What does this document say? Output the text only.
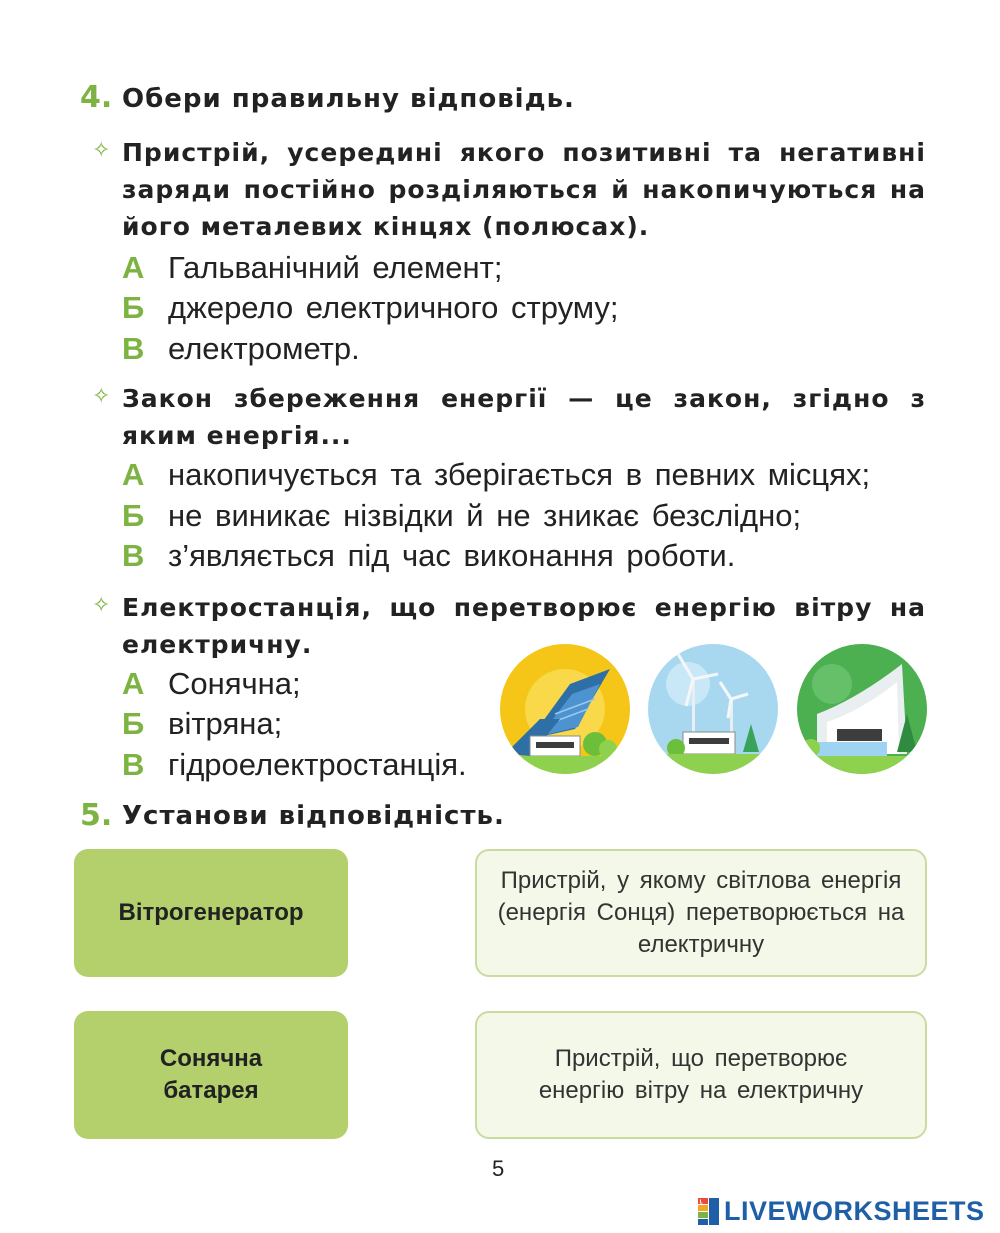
4. Обери правильну відповідь.
✧ Пристрій, усередині якого позитивні та негативні заряди постійно розділяються й накопичуються на його металевих кінцях (полюсах).
А Гальванічний елемент;
Б джерело електричного струму;
В електрометр.
✧ Закон збереження енергії — це закон, згідно з яким енергія...
А накопичується та зберігається в певних місцях;
Б не виникає нізвідки й не зникає безслідно;
В з’являється під час виконання роботи.
✧ Електростанція, що перетворює енергію вітру на електричну.
А Сонячна;
Б вітряна;
В гідроелектростанція.
5. Установи відповідність.
Вітрогенератор
Сонячна батарея
Пристрій, у якому світлова енергія (енергія Сонця) перетворюється на електричну
Пристрій, що перетворює енергію вітру на електричну
5
L LIVEWORKSHEETS
